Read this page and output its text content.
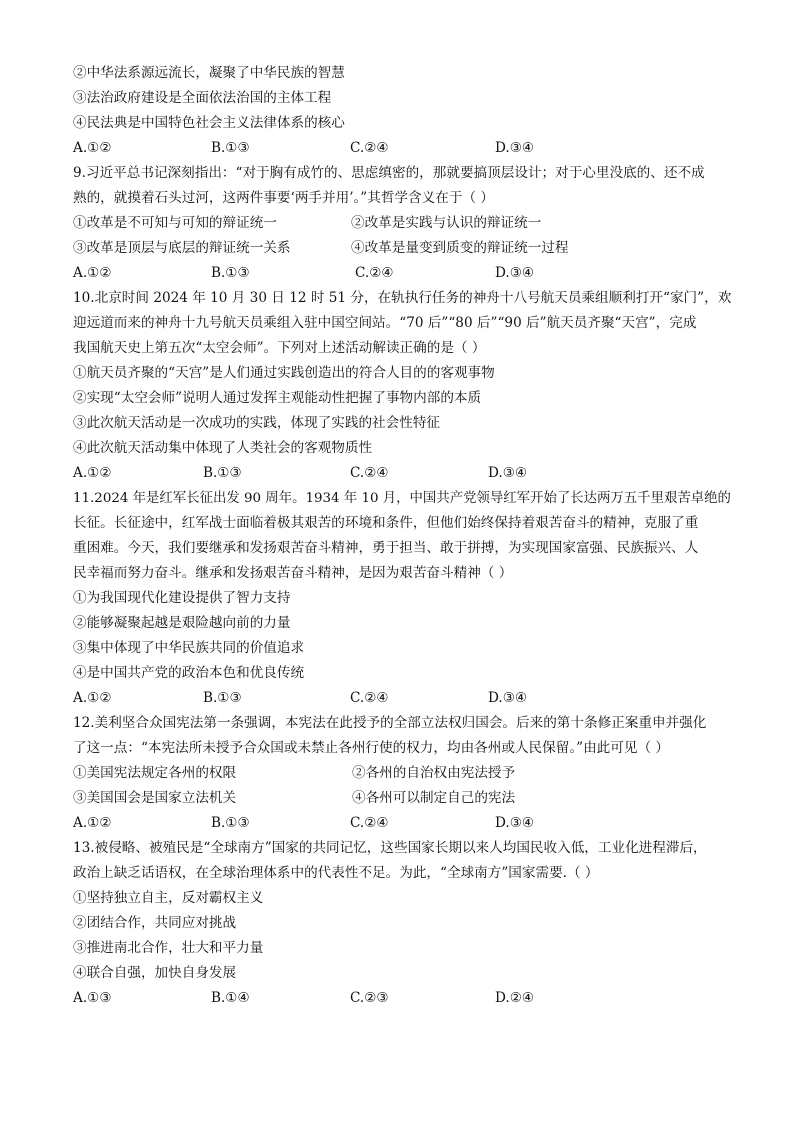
②中华法系源远流长，凝聚了中华民族的智慧
③法治政府建设是全面依法治国的主体工程
④民法典是中国特色社会主义法律体系的核心
A.①②	B.①③	C.②④	D.③④
9.习近平总书记深刻指出：“对于胸有成竹的、思虑缜密的，那就要搞顶层设计；对于心里没底的、还不成
熟的，就摸着石头过河，这两件事要‘两手并用’。”其哲学含义在于（ ）
①改革是不可知与可知的辩证统一	②改革是实践与认识的辩证统一
③改革是顶层与底层的辩证统一关系	④改革是量变到质变的辩证统一过程
A.①②	B.①③	C.②④	D.③④
10.北京时间 2024 年 10 月 30 日 12 时 51 分，在轨执行任务的神舟十八号航天员乘组顺利打开“家门”，欢
迎远道而来的神舟十九号航天员乘组入驻中国空间站。“70 后”“80 后”“90 后”航天员齐聚“天宫”，完成
我国航天史上第五次“太空会师”。下列对上述活动解读正确的是（ ）
①航天员齐聚的“天宫”是人们通过实践创造出的符合人目的的客观事物
②实现“太空会师”说明人通过发挥主观能动性把握了事物内部的本质
③此次航天活动是一次成功的实践，体现了实践的社会性特征
④此次航天活动集中体现了人类社会的客观物质性
A.①②	B.①③	C.②④	D.③④
11.2024 年是红军长征出发 90 周年。1934 年 10 月，中国共产党领导红军开始了长达两万五千里艰苦卓绝的
长征。长征途中，红军战士面临着极其艰苦的环境和条件，但他们始终保持着艰苦奋斗的精神，克服了重
重困难。今天，我们要继承和发扬艰苦奋斗精神，勇于担当、敢于拼搏，为实现国家富强、民族振兴、人
民幸福而努力奋斗。继承和发扬艰苦奋斗精神，是因为艰苦奋斗精神（ ）
①为我国现代化建设提供了智力支持
②能够凝聚起越是艰险越向前的力量
③集中体现了中华民族共同的价值追求
④是中国共产党的政治本色和优良传统
A.①②	B.①③	C.②④	D.③④
12.美利坚合众国宪法第一条强调，本宪法在此授予的全部立法权归国会。后来的第十条修正案重申并强化
了这一点：“本宪法所未授予合众国或未禁止各州行使的权力，均由各州或人民保留。”由此可见（ ）
①美国宪法规定各州的权限	②各州的自治权由宪法授予
③美国国会是国家立法机关	④各州可以制定自己的宪法
A.①②	B.①③	C.②④	D.③④
13.被侵略、被殖民是“全球南方”国家的共同记忆，这些国家长期以来人均国民收入低，工业化进程滞后，
政治上缺乏话语权，在全球治理体系中的代表性不足。为此，“全球南方”国家需要.（ ）
①坚持独立自主，反对霸权主义
②团结合作，共同应对挑战
③推进南北合作，壮大和平力量
④联合自强，加快自身发展
A.①③	B.①④	C.②③	D.②④
